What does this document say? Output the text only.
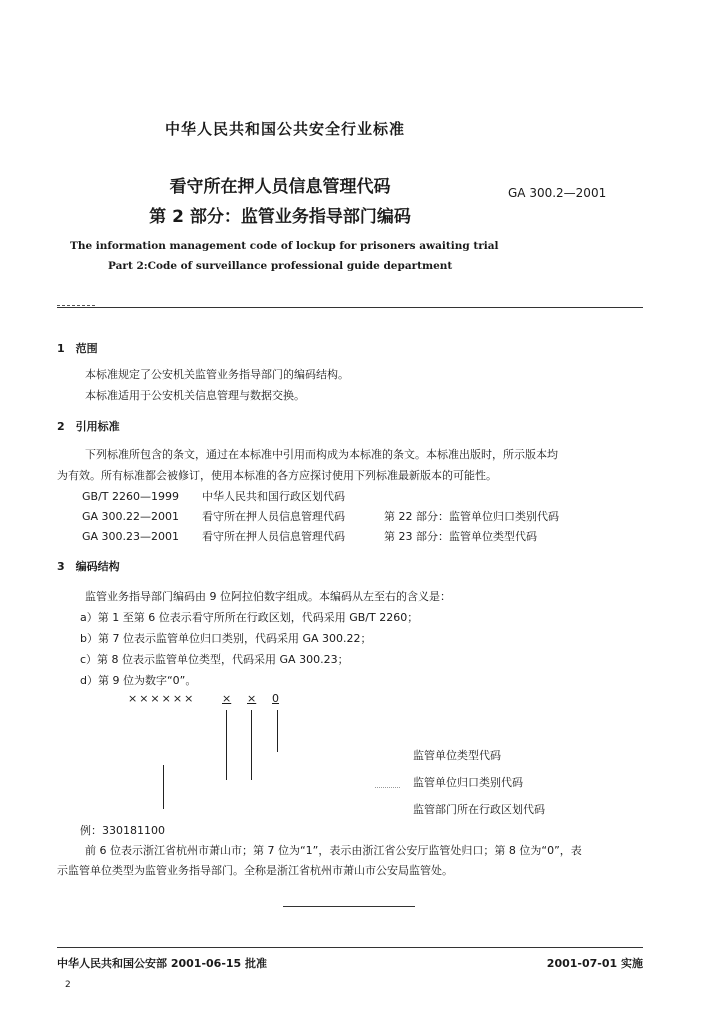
中华人民共和国公共安全行业标准
看守所在押人员信息管理代码
第 2 部分：监管业务指导部门编码
GA 300.2—2001
The information management code of lockup for prisoners awaiting trial
Part 2:Code of surveillance professional guide department
1　范围
本标准规定了公安机关监管业务指导部门的编码结构。
本标准适用于公安机关信息管理与数据交换。
2　引用标准
下列标准所包含的条文，通过在本标准中引用而构成为本标准的条文。本标准出版时，所示版本均
为有效。所有标准都会被修订，使用本标准的各方应探讨使用下列标准最新版本的可能性。
GB/T 2260—1999 中华人民共和国行政区划代码
GA 300.22—2001 看守所在押人员信息管理代码	第 22 部分：监管单位归口类别代码
GA 300.23—2001 看守所在押人员信息管理代码	第 23 部分：监管单位类型代码
3　编码结构
监管业务指导部门编码由 9 位阿拉伯数字组成。本编码从左至右的含义是：
a）第 1 至第 6 位表示看守所所在行政区划，代码采用 GB/T 2260；
b）第 7 位表示监管单位归口类别，代码采用 GA 300.22；
c）第 8 位表示监管单位类型，代码采用 GA 300.23；
d）第 9 位为数字“0”。
×××××× × × 0
监管单位类型代码
监管单位归口类别代码
监管部门所在行政区划代码
例：330181100
前 6 位表示浙江省杭州市萧山市；第 7 位为“1”，表示由浙江省公安厅监管处归口；第 8 位为“0”，表
示监管单位类型为监管业务指导部门。全称是浙江省杭州市萧山市公安局监管处。
中华人民共和国公安部 2001-06-15 批准	2001-07-01 实施
2
